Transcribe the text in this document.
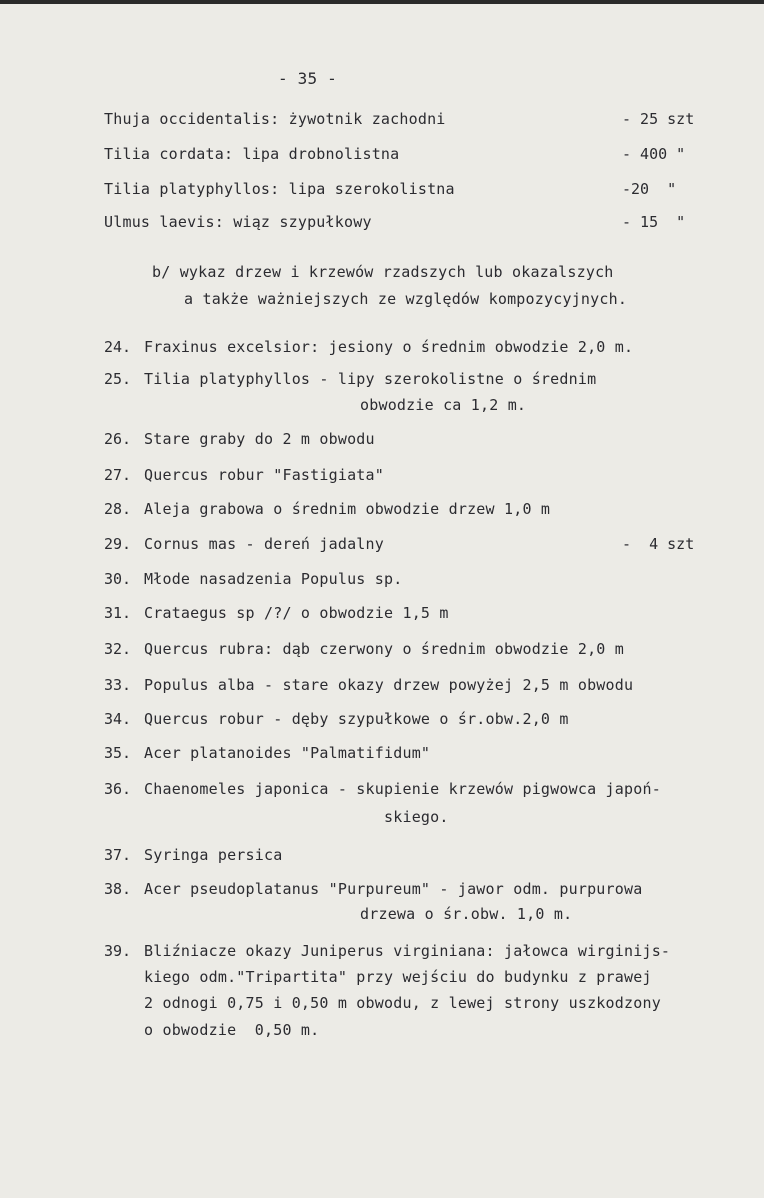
- 35 -
Thuja occidentalis: żywotnik zachodni	- 25 szt
Tilia cordata: lipa drobnolistna	- 400 "
Tilia platyphyllos: lipa szerokolistna	-20  "
Ulmus laevis: wiąz szypułkowy	- 15  "
b/ wykaz drzew i krzewów rzadszych lub okazalszych
a także ważniejszych ze względów kompozycyjnych.
24. Fraxinus excelsior: jesiony o średnim obwodzie 2,0 m.
25. Tilia platyphyllos - lipy szerokolistne o średnim
obwodzie ca 1,2 m.
26. Stare graby do 2 m obwodu
27. Quercus robur "Fastigiata"
28. Aleja grabowa o średnim obwodzie drzew 1,0 m
29. Cornus mas - dereń jadalny	-  4 szt
30. Młode nasadzenia Populus sp.
31. Crataegus sp /?/ o obwodzie 1,5 m
32. Quercus rubra: dąb czerwony o średnim obwodzie 2,0 m
33. Populus alba - stare okazy drzew powyżej 2,5 m obwodu
34. Quercus robur - dęby szypułkowe o śr.obw.2,0 m
35. Acer platanoides "Palmatifidum"
36. Chaenomeles japonica - skupienie krzewów pigwowca japoń-
skiego.
37. Syringa persica
38. Acer pseudoplatanus "Purpureum" - jawor odm. purpurowa
drzewa o śr.obw. 1,0 m.
39. Bliźniacze okazy Juniperus virginiana: jałowca wirginijs-
kiego odm."Tripartita" przy wejściu do budynku z prawej
2 odnogi 0,75 i 0,50 m obwodu, z lewej strony uszkodzony
o obwodzie  0,50 m.
